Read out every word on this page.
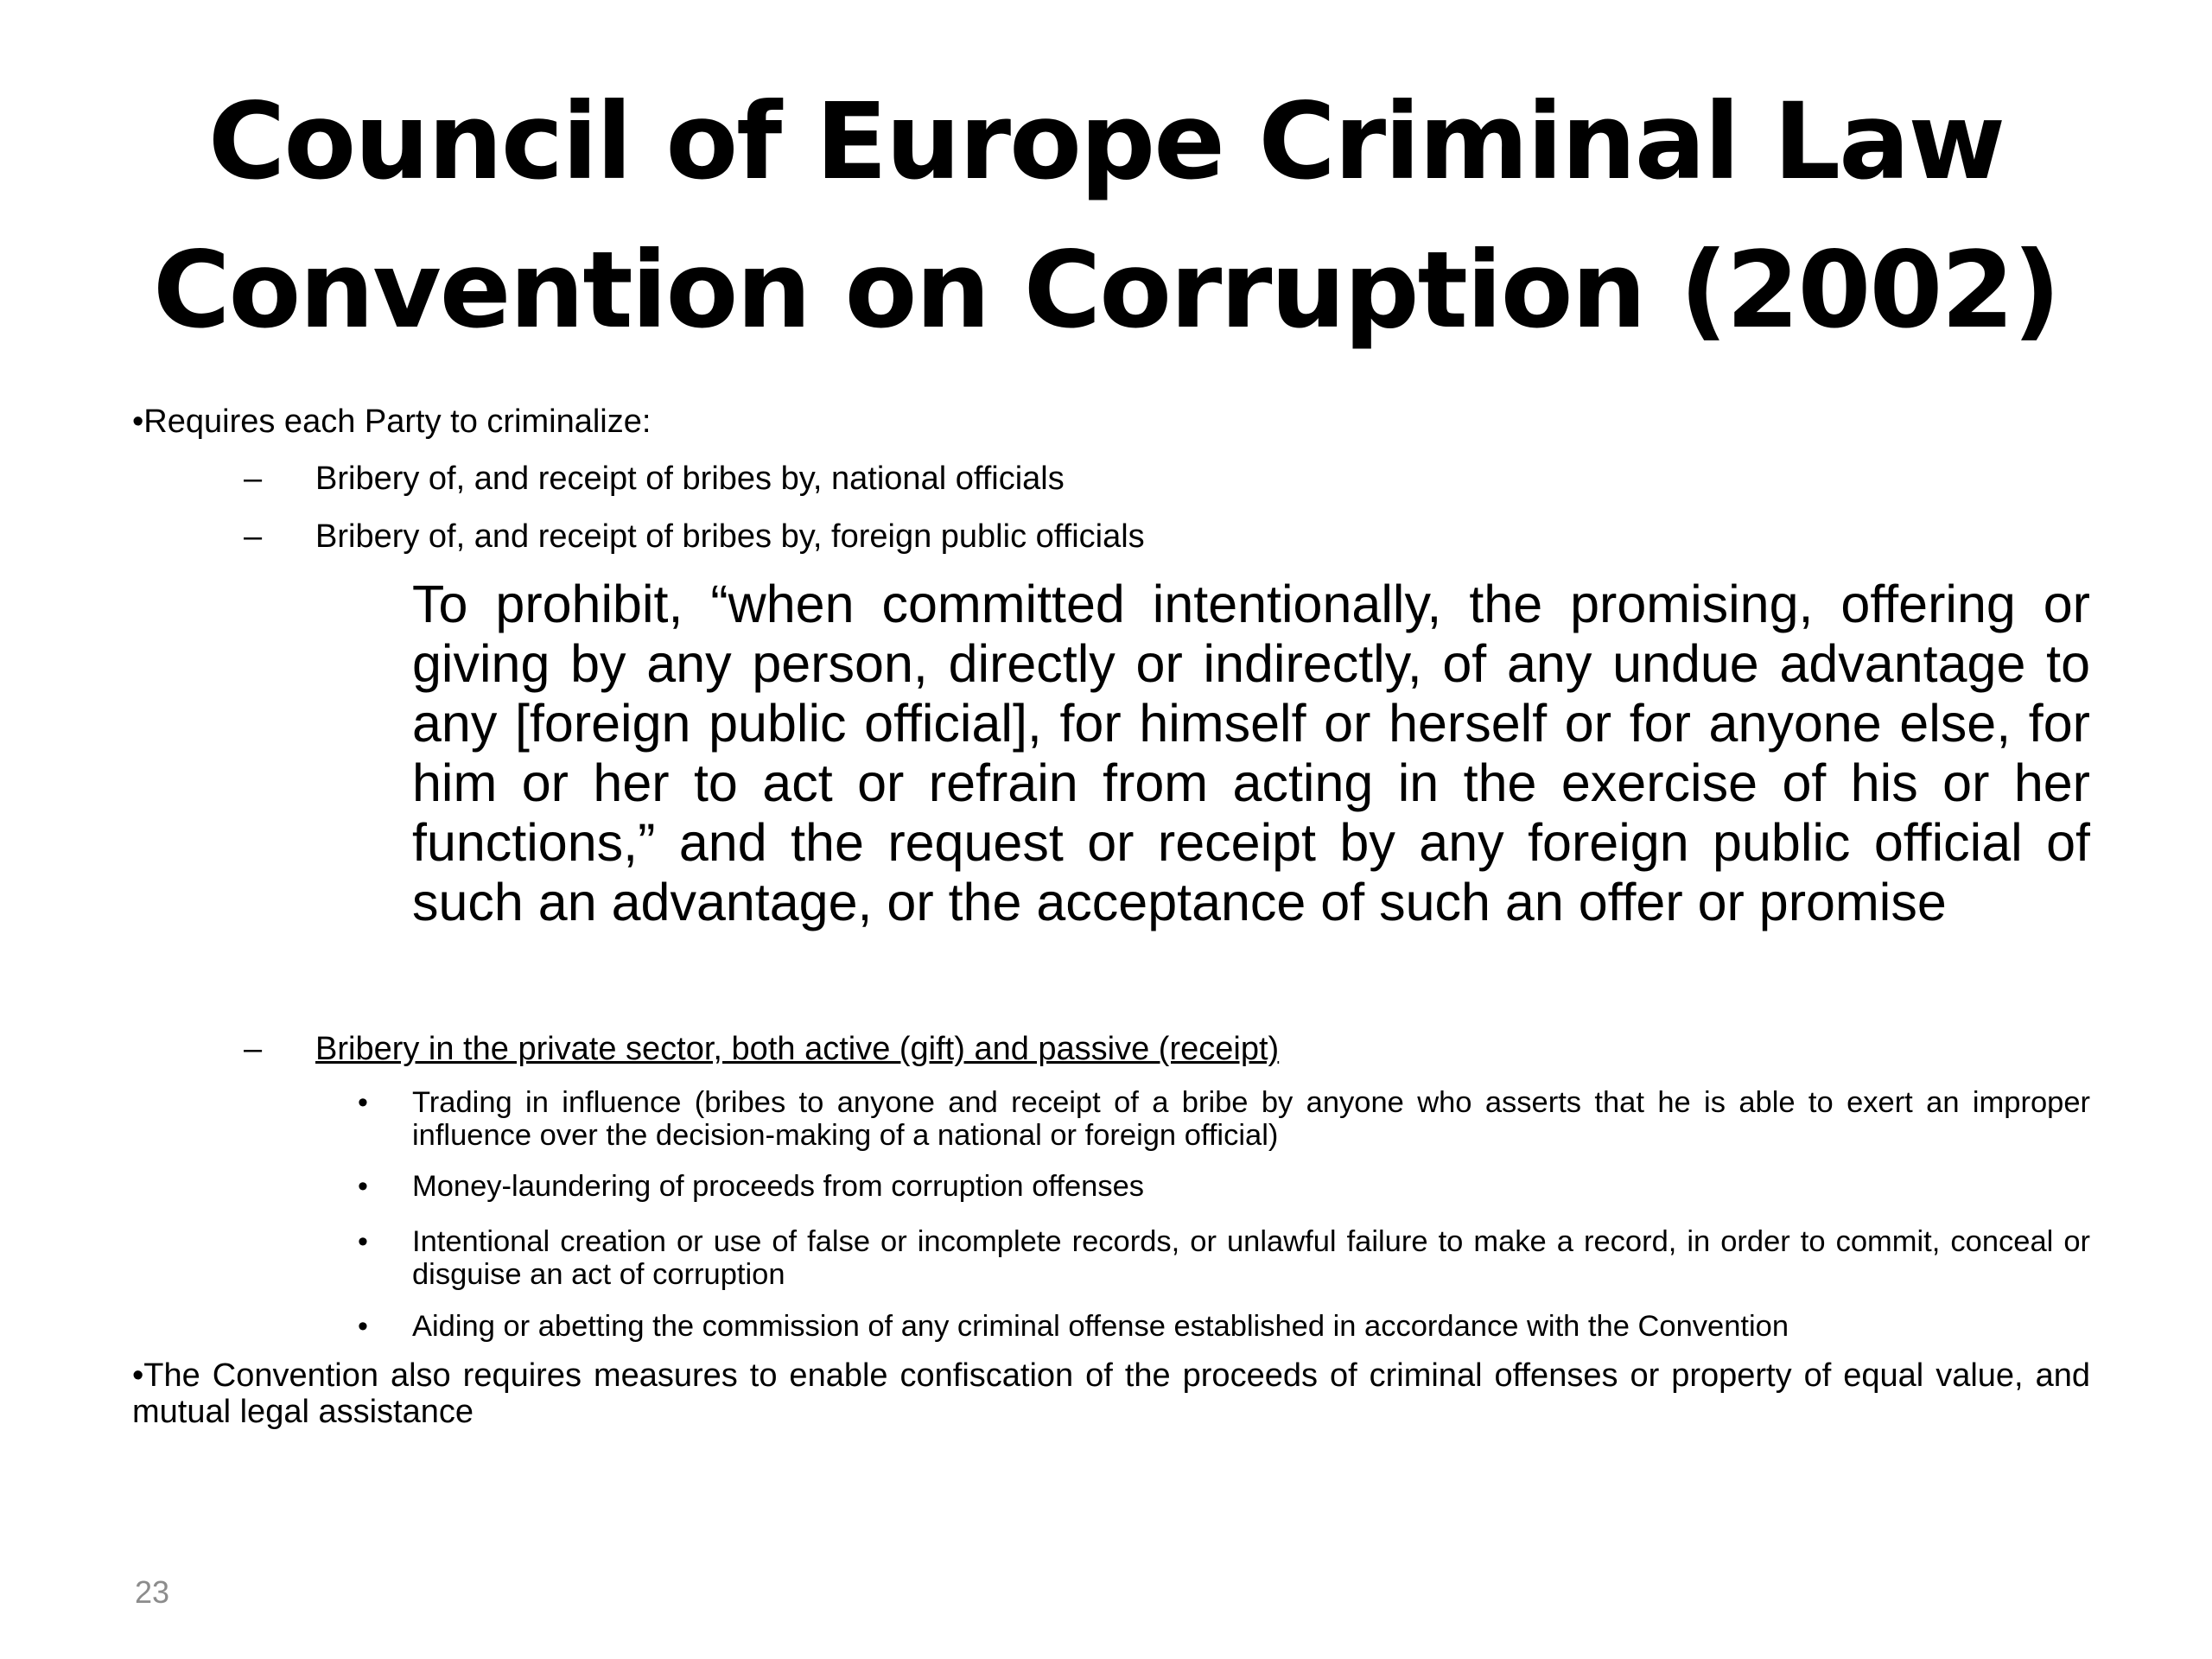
Council of Europe Criminal Law
Convention on Corruption (2002)
•Requires each Party to criminalize:
– Bribery of, and receipt of bribes by, national officials
– Bribery of, and receipt of bribes by, foreign public officials

To prohibit, “when committed intentionally, the promising, offering or giving by any person, directly or indirectly, of any undue advantage to any [foreign public official], for himself or herself or for anyone else, for him or her to act or refrain from acting in the exercise of his or her functions,” and the request or receipt by any foreign public official of such an advantage, or the acceptance of such an offer or promise

– Bribery in the private sector, both active (gift) and passive (receipt)
• Trading in influence (bribes to anyone and receipt of a bribe by anyone who asserts that he is able to exert an improper influence over the decision-making of a national or foreign official)
• Money-laundering of proceeds from corruption offenses
• Intentional creation or use of false or incomplete records, or unlawful failure to make a record, in order to commit, conceal or disguise an act of corruption
• Aiding or abetting the commission of any criminal offense established in accordance with the Convention
•The Convention also requires measures to enable confiscation of the proceeds of criminal offenses or property of equal value, and mutual legal assistance
23
